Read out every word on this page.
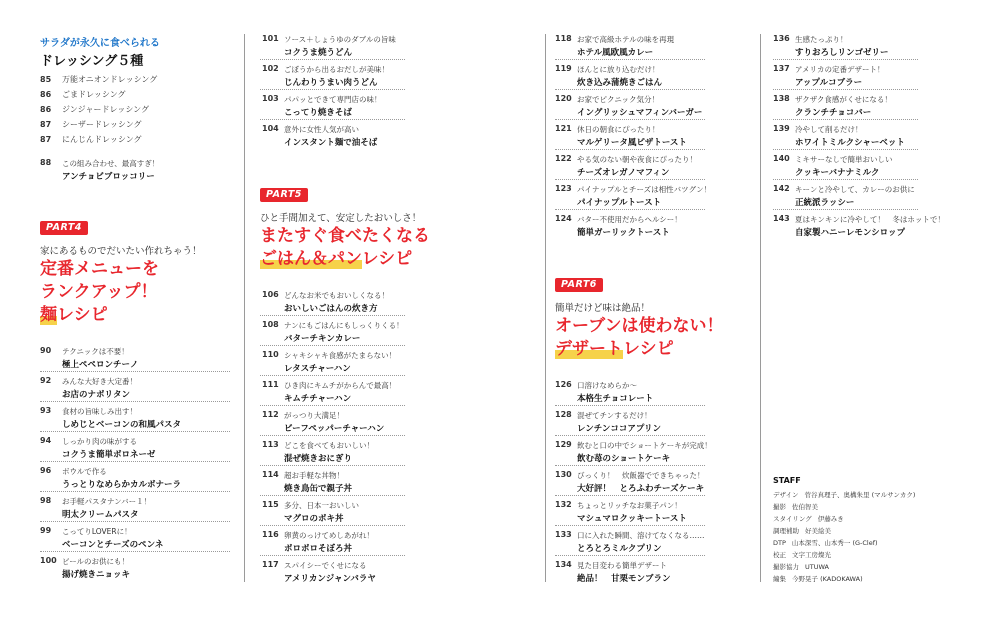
サラダが永久に食べられる
ドレッシング５種
85 万能オニオンドレッシング
86 ごまドレッシング
86 ジンジャードレッシング
87 シーザードレッシング
87 にんじんドレッシング
88 この組み合わせ、最高すぎ！
アンチョビブロッコリー
PART4
家にあるものでだいたい作れちゃう！
定番メニューを
ランクアップ！
麺レシピ
90 テクニックは不要！
極上ペペロンチーノ
92 みんな大好き大定番！
お店のナポリタン
93 食材の旨味しみ出す！
しめじとベーコンの和風パスタ
94 しっかり肉の味がする
コクうま簡単ボロネーゼ
96 ボウルで作る
うっとりなめらかカルボナーラ
98 お手軽パスタナンバー１！
明太クリームパスタ
99 こってりLOVERに！
ベーコンとチーズのペンネ
100 ビールのお供にも！
揚げ焼きニョッキ
101 ソース＋しょうゆのダブルの旨味
コクうま焼うどん
102 ごぼうから出るおだしが美味！
じんわりうまい肉うどん
103 パパッとできて専門店の味！
こってり焼きそば
104 意外に女性人気が高い
インスタント麺で油そば
PART5
ひと手間加えて、安定したおいしさ！
またすぐ食べたくなる
ごはん＆パンレシピ
106 どんなお米でもおいしくなる！
おいしいごはんの炊き方
108 ナンにもごはんにもしっくりくる！
バターチキンカレー
110 シャキシャキ食感がたまらない！
レタスチャーハン
111 ひき肉にキムチがからんで最高！
キムチチャーハン
112 がっつり大満足！
ビーフペッパーチャーハン
113 どこを食べてもおいしい！
混ぜ焼きおにぎり
114 超お手軽な丼物！
焼き鳥缶で親子丼
115 多分、日本一おいしい
マグロのポキ丼
116 卵黄のっけてめしあがれ！
ポロポロそぼろ丼
117 スパイシーでくせになる
アメリカンジャンバラヤ
118 お家で高級ホテルの味を再現
ホテル風欧風カレー
119 ほんとに放り込むだけ！
炊き込み蒲焼きごはん
120 お家でピクニック気分！
イングリッシュマフィンバーガー
121 休日の朝食にぴったり！
マルゲリータ風ピザトースト
122 やる気のない朝や夜食にぴったり！
チーズオレガノマフィン
123 パイナップルとチーズは相性バツグン！
パイナップルトースト
124 バター不使用だからヘルシー！
簡単ガーリックトースト
PART6
簡単だけど味は絶品！
オーブンは使わない！
デザートレシピ
126 口溶けなめらか～
本格生チョコレート
128 混ぜてチンするだけ！
レンチンココアプリン
129 飲むと口の中でショートケーキが完成！
飲む苺のショートケーキ
130 びっくり！　炊飯器でできちゃった！
大好評！　とろふわチーズケーキ
132 ちょっとリッチなお菓子パン！
マシュマロクッキートースト
133 口に入れた瞬間、溶けてなくなる……
とろとろミルクプリン
134 見た目変わる簡単デザート
絶品！　甘栗モンブラン
136 生感たっぷり！
すりおろしリンゴゼリー
137 アメリカの定番デザート！
アップルコブラー
138 ザクザク食感がくせになる！
クランチチョコバー
139 冷やして削るだけ！
ホワイトミルクシャーベット
140 ミキサーなしで簡単おいしい
クッキーバナナミルク
142 キーンと冷やして、カレーのお供に
正統派ラッシー
143 夏はキンキンに冷やして！　冬はホットで！
自家製ハニーレモンシロップ
STAFF
デザイン 菅谷真理子、奥構朱里 (マルサンカク)
撮影 佐伯智美
スタイリング 伊藤みき
調理補助 好美絵美
DTP 山本深雪、山本秀一 (G-Clef)
校正 文字工房燦光
撮影協力 UTUWA
編集 今野晃子 (KADOKAWA)
